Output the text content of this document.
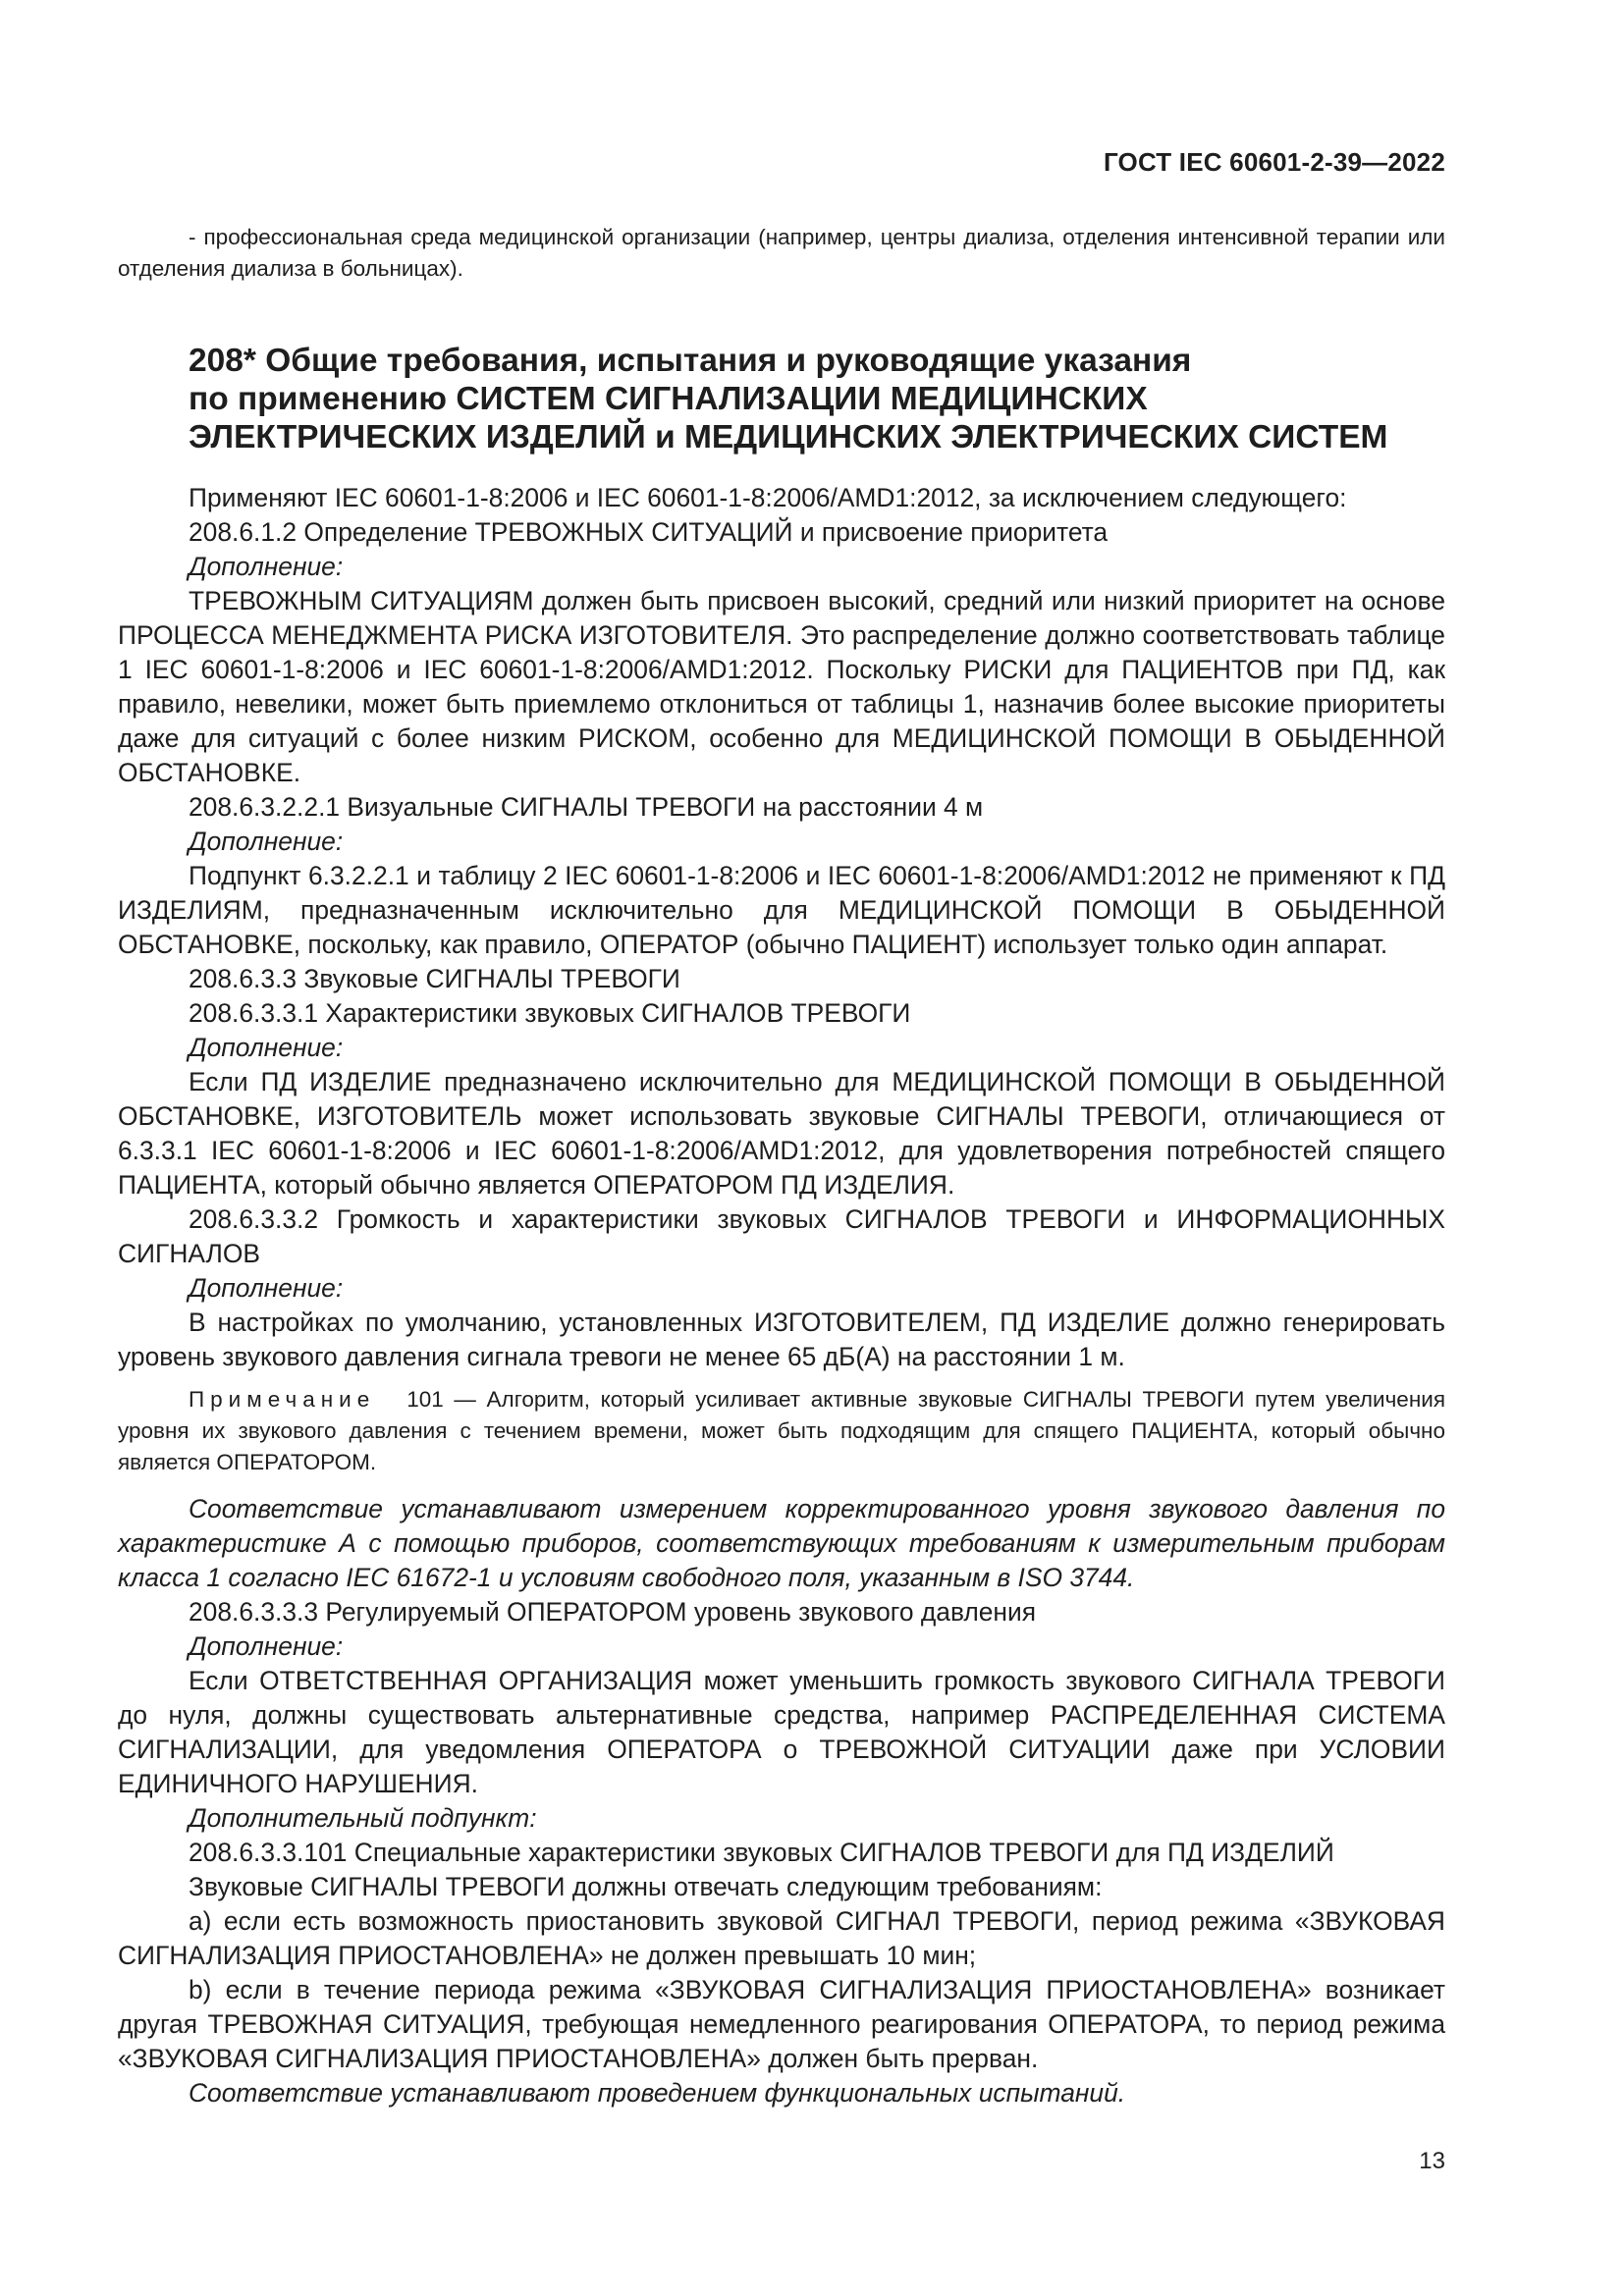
ГОСТ IEC 60601-2-39—2022

- профессиональная среда медицинской организации (например, центры диализа, отделения интенсивной терапии или отделения диализа в больницах).

208* Общие требования, испытания и руководящие указания
по применению СИСТЕМ СИГНАЛИЗАЦИИ МЕДИЦИНСКИХ
ЭЛЕКТРИЧЕСКИХ ИЗДЕЛИЙ и МЕДИЦИНСКИХ ЭЛЕКТРИЧЕСКИХ СИСТЕМ

Применяют IEC 60601-1-8:2006 и IEC 60601-1-8:2006/AMD1:2012, за исключением следующего:

208.6.1.2 Определение ТРЕВОЖНЫХ СИТУАЦИЙ и присвоение приоритета

Дополнение:

ТРЕВОЖНЫМ СИТУАЦИЯМ должен быть присвоен высокий, средний или низкий приоритет на основе ПРОЦЕССА МЕНЕДЖМЕНТА РИСКА ИЗГОТОВИТЕЛЯ. Это распределение должно соответствовать таблице 1 IEC 60601-1-8:2006 и IEC 60601-1-8:2006/AMD1:2012. Поскольку РИСКИ для ПАЦИЕНТОВ при ПД, как правило, невелики, может быть приемлемо отклониться от таблицы 1, назначив более высокие приоритеты даже для ситуаций с более низким РИСКОМ, особенно для МЕДИЦИНСКОЙ ПОМОЩИ В ОБЫДЕННОЙ ОБСТАНОВКЕ.

208.6.3.2.2.1 Визуальные СИГНАЛЫ ТРЕВОГИ на расстоянии 4 м

Дополнение:

Подпункт 6.3.2.2.1 и таблицу 2 IEC 60601-1-8:2006 и IEC 60601-1-8:2006/AMD1:2012 не применяют к ПД ИЗДЕЛИЯМ, предназначенным исключительно для МЕДИЦИНСКОЙ ПОМОЩИ В ОБЫДЕННОЙ ОБСТАНОВКЕ, поскольку, как правило, ОПЕРАТОР (обычно ПАЦИЕНТ) использует только один аппарат.

208.6.3.3 Звуковые СИГНАЛЫ ТРЕВОГИ

208.6.3.3.1 Характеристики звуковых СИГНАЛОВ ТРЕВОГИ

Дополнение:

Если ПД ИЗДЕЛИЕ предназначено исключительно для МЕДИЦИНСКОЙ ПОМОЩИ В ОБЫДЕННОЙ ОБСТАНОВКЕ, ИЗГОТОВИТЕЛЬ может использовать звуковые СИГНАЛЫ ТРЕВОГИ, отличающиеся от 6.3.3.1 IEC 60601-1-8:2006 и IEC 60601-1-8:2006/AMD1:2012, для удовлетворения потребностей спящего ПАЦИЕНТА, который обычно является ОПЕРАТОРОМ ПД ИЗДЕЛИЯ.

208.6.3.3.2 Громкость и характеристики звуковых СИГНАЛОВ ТРЕВОГИ и ИНФОРМАЦИОННЫХ СИГНАЛОВ

Дополнение:

В настройках по умолчанию, установленных ИЗГОТОВИТЕЛЕМ, ПД ИЗДЕЛИЕ должно генерировать уровень звукового давления сигнала тревоги не менее 65 дБ(А) на расстоянии 1 м.

Примечание 101 — Алгоритм, который усиливает активные звуковые СИГНАЛЫ ТРЕВОГИ путем увеличения уровня их звукового давления с течением времени, может быть подходящим для спящего ПАЦИЕНТА, который обычно является ОПЕРАТОРОМ.

Соответствие устанавливают измерением корректированного уровня звукового давления по характеристике А с помощью приборов, соответствующих требованиям к измерительным приборам класса 1 согласно IEC 61672-1 и условиям свободного поля, указанным в ISO 3744.

208.6.3.3.3 Регулируемый ОПЕРАТОРОМ уровень звукового давления

Дополнение:

Если ОТВЕТСТВЕННАЯ ОРГАНИЗАЦИЯ может уменьшить громкость звукового СИГНАЛА ТРЕВОГИ до нуля, должны существовать альтернативные средства, например РАСПРЕДЕЛЕННАЯ СИСТЕМА СИГНАЛИЗАЦИИ, для уведомления ОПЕРАТОРА о ТРЕВОЖНОЙ СИТУАЦИИ даже при УСЛОВИИ ЕДИНИЧНОГО НАРУШЕНИЯ.

Дополнительный подпункт:

208.6.3.3.101 Специальные характеристики звуковых СИГНАЛОВ ТРЕВОГИ для ПД ИЗДЕЛИЙ

Звуковые СИГНАЛЫ ТРЕВОГИ должны отвечать следующим требованиям:

а) если есть возможность приостановить звуковой СИГНАЛ ТРЕВОГИ, период режима «ЗВУКОВАЯ СИГНАЛИЗАЦИЯ ПРИОСТАНОВЛЕНА» не должен превышать 10 мин;

b) если в течение периода режима «ЗВУКОВАЯ СИГНАЛИЗАЦИЯ ПРИОСТАНОВЛЕНА» возникает другая ТРЕВОЖНАЯ СИТУАЦИЯ, требующая немедленного реагирования ОПЕРАТОРА, то период режима «ЗВУКОВАЯ СИГНАЛИЗАЦИЯ ПРИОСТАНОВЛЕНА» должен быть прерван.

Соответствие устанавливают проведением функциональных испытаний.

13
